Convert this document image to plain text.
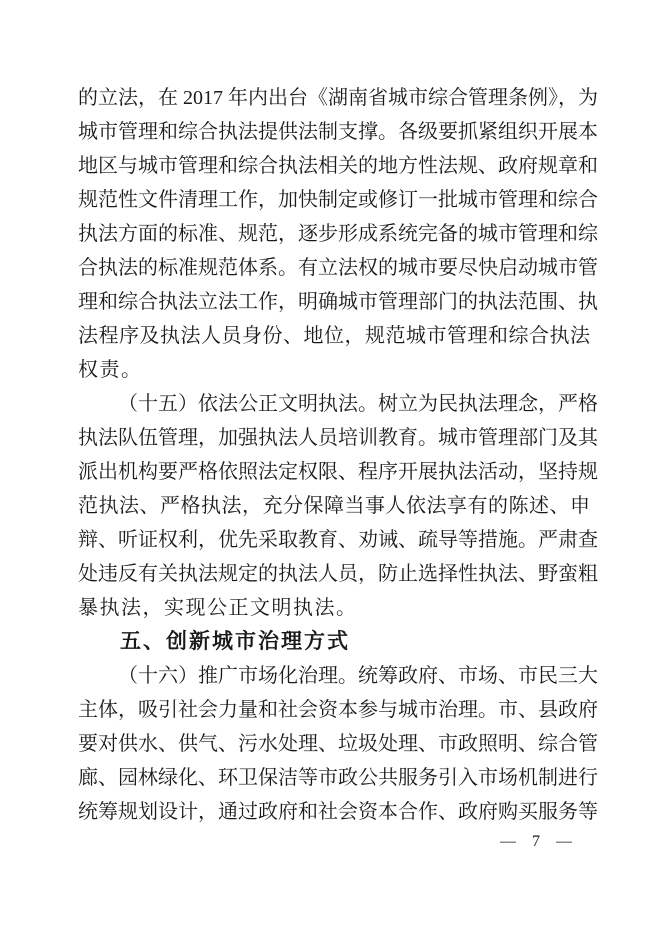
的立法，在 2017 年内出台《湖南省城市综合管理条例》，为
城市管理和综合执法提供法制支撑。各级要抓紧组织开展本
地区与城市管理和综合执法相关的地方性法规、政府规章和
规范性文件清理工作，加快制定或修订一批城市管理和综合
执法方面的标准、规范，逐步形成系统完备的城市管理和综
合执法的标准规范体系。有立法权的城市要尽快启动城市管
理和综合执法立法工作，明确城市管理部门的执法范围、执
法程序及执法人员身份、地位，规范城市管理和综合执法
权责。
（十五）依法公正文明执法。树立为民执法理念，严格
执法队伍管理，加强执法人员培训教育。城市管理部门及其
派出机构要严格依照法定权限、程序开展执法活动，坚持规
范执法、严格执法，充分保障当事人依法享有的陈述、申
辩、听证权利，优先采取教育、劝诫、疏导等措施。严肃查
处违反有关执法规定的执法人员，防止选择性执法、野蛮粗
暴执法，实现公正文明执法。
五、创新城市治理方式
（十六）推广市场化治理。统筹政府、市场、市民三大
主体，吸引社会力量和社会资本参与城市治理。市、县政府
要对供水、供气、污水处理、垃圾处理、市政照明、综合管
廊、园林绿化、环卫保洁等市政公共服务引入市场机制进行
统筹规划设计，通过政府和社会资本合作、政府购买服务等
— 7 —
